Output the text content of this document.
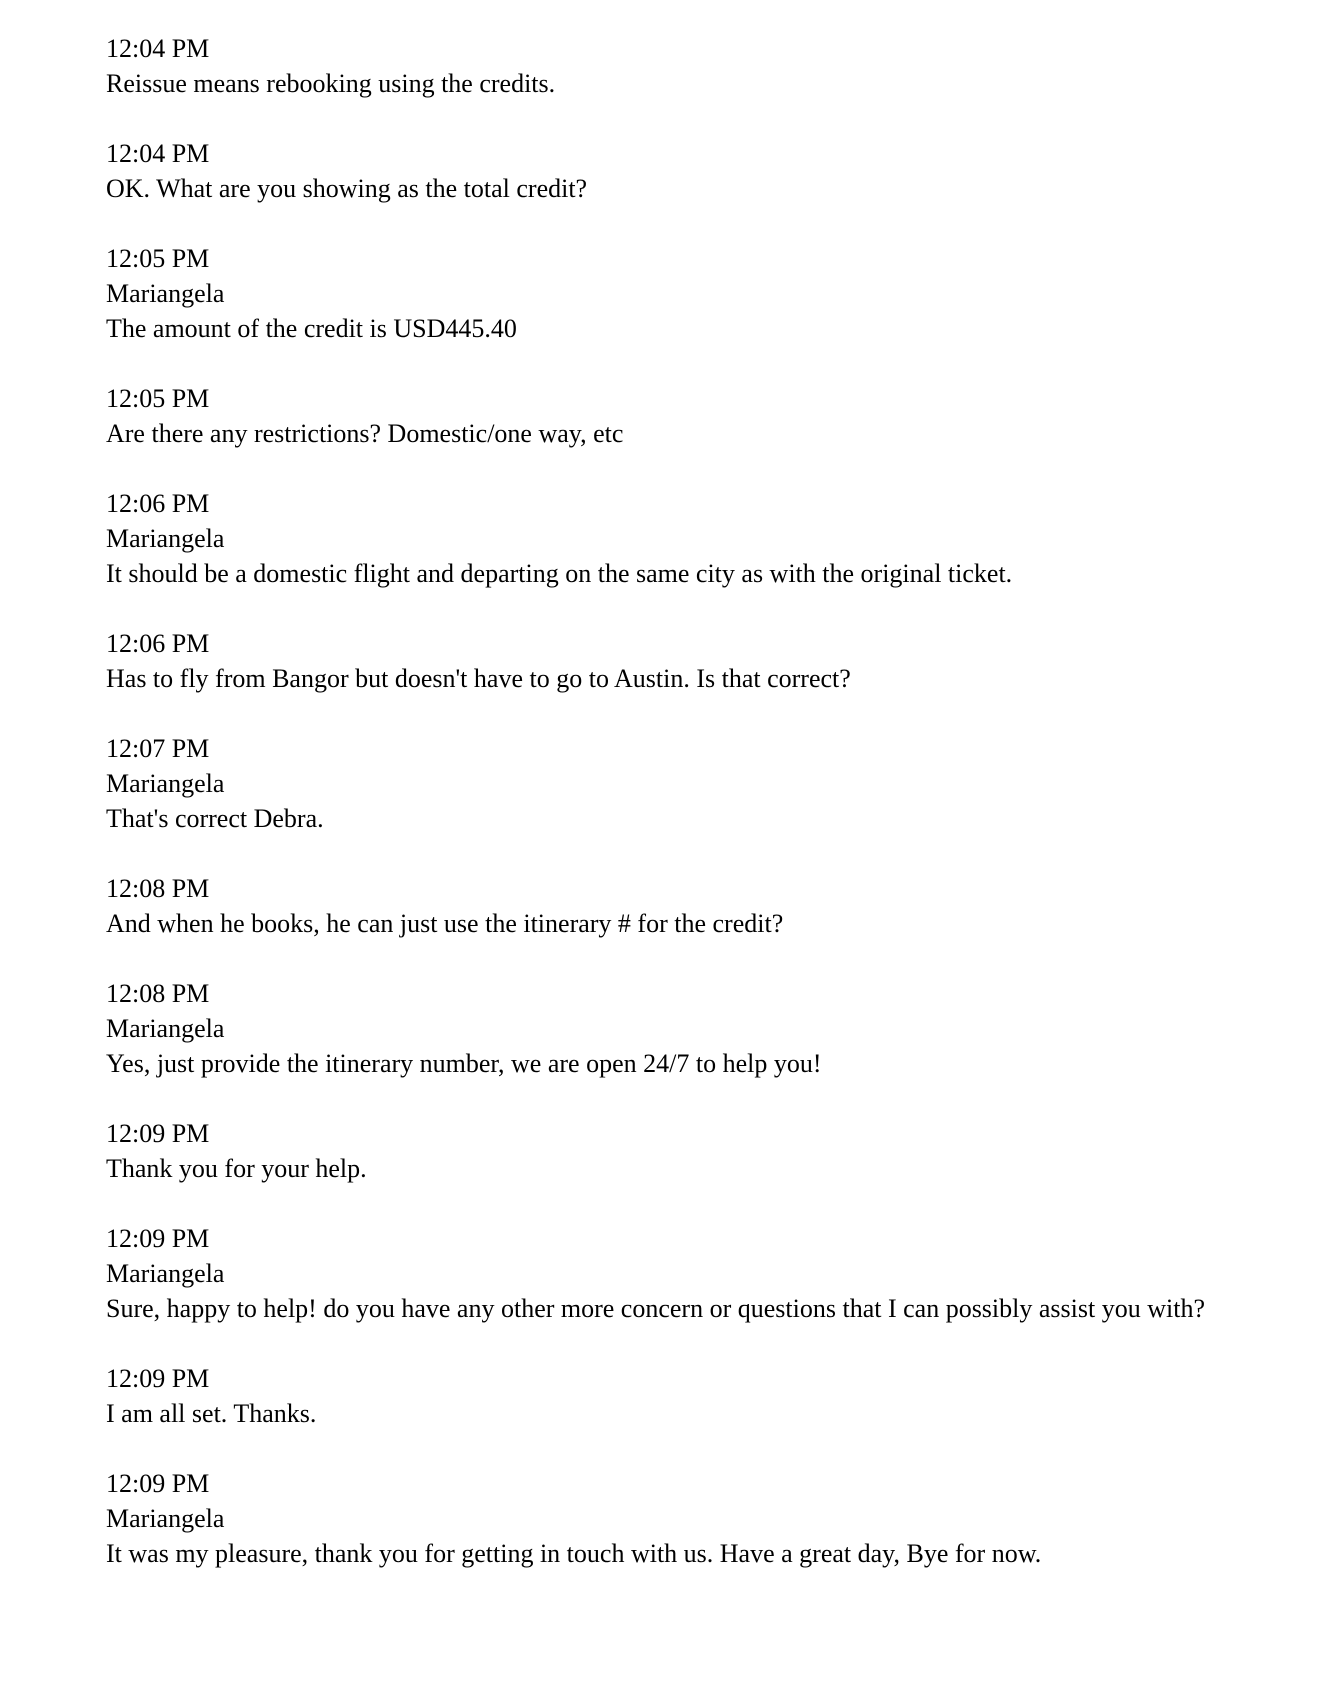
12:04 PM
Reissue means rebooking using the credits.
12:04 PM
OK. What are you showing as the total credit?
12:05 PM
Mariangela
The amount of the credit is USD445.40
12:05 PM
Are there any restrictions? Domestic/one way, etc
12:06 PM
Mariangela
It should be a domestic flight and departing on the same city as with the original ticket.
12:06 PM
Has to fly from Bangor but doesn't have to go to Austin. Is that correct?
12:07 PM
Mariangela
That's correct Debra.
12:08 PM
And when he books, he can just use the itinerary # for the credit?
12:08 PM
Mariangela
Yes, just provide the itinerary number, we are open 24/7 to help you!
12:09 PM
Thank you for your help.
12:09 PM
Mariangela
Sure, happy to help! do you have any other more concern or questions that I can possibly assist you with?
12:09 PM
I am all set. Thanks.
12:09 PM
Mariangela
It was my pleasure, thank you for getting in touch with us. Have a great day, Bye for now.
